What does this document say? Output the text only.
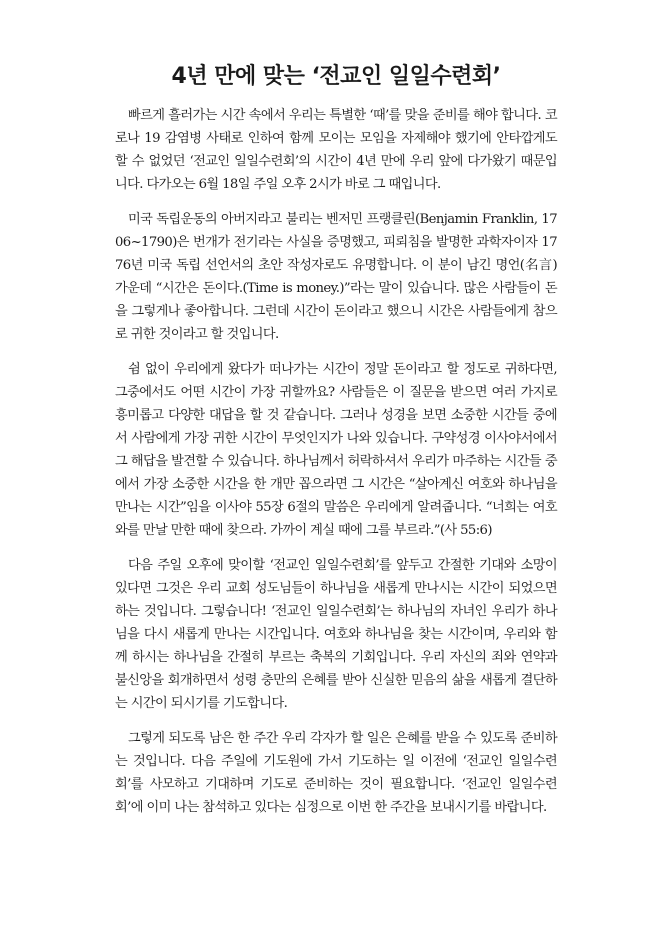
4년 만에 맞는 ‘전교인 일일수련회’

빠르게 흘러가는 시간 속에서 우리는 특별한 ‘때’를 맞을 준비를 해야 합니다. 코로나 19 감염병 사태로 인하여 함께 모이는 모임을 자제해야 했기에 안타깝게도 할 수 없었던 ‘전교인 일일수련회’의 시간이 4년 만에 우리 앞에 다가왔기 때문입니다. 다가오는 6월 18일 주일 오후 2시가 바로 그 때입니다.

미국 독립운동의 아버지라고 불리는 벤저민 프랭클린(Benjamin Franklin, 1706~1790)은 번개가 전기라는 사실을 증명했고, 피뢰침을 발명한 과학자이자 1776년 미국 독립 선언서의 초안 작성자로도 유명합니다. 이 분이 남긴 명언(名言) 가운데 “시간은 돈이다.(Time is money.)”라는 말이 있습니다. 많은 사람들이 돈을 그렇게나 좋아합니다. 그런데 시간이 돈이라고 했으니 시간은 사람들에게 참으로 귀한 것이라고 할 것입니다.

쉼 없이 우리에게 왔다가 떠나가는 시간이 정말 돈이라고 할 정도로 귀하다면, 그중에서도 어떤 시간이 가장 귀할까요? 사람들은 이 질문을 받으면 여러 가지로 흥미롭고 다양한 대답을 할 것 같습니다. 그러나 성경을 보면 소중한 시간들 중에서 사람에게 가장 귀한 시간이 무엇인지가 나와 있습니다. 구약성경 이사야서에서 그 해답을 발견할 수 있습니다. 하나님께서 허락하셔서 우리가 마주하는 시간들 중에서 가장 소중한 시간을 한 개만 꼽으라면 그 시간은 “살아계신 여호와 하나님을 만나는 시간”임을 이사야 55장 6절의 말씀은 우리에게 알려줍니다. “너희는 여호와를 만날 만한 때에 찾으라. 가까이 계실 때에 그를 부르라.”(사 55:6)

다음 주일 오후에 맞이할 ‘전교인 일일수련회’를 앞두고 간절한 기대와 소망이 있다면 그것은 우리 교회 성도님들이 하나님을 새롭게 만나시는 시간이 되었으면 하는 것입니다. 그렇습니다! ‘전교인 일일수련회’는 하나님의 자녀인 우리가 하나님을 다시 새롭게 만나는 시간입니다. 여호와 하나님을 찾는 시간이며, 우리와 함께 하시는 하나님을 간절히 부르는 축복의 기회입니다. 우리 자신의 죄와 연약과 불신앙을 회개하면서 성령 충만의 은혜를 받아 신실한 믿음의 삶을 새롭게 결단하는 시간이 되시기를 기도합니다.

그렇게 되도록 남은 한 주간 우리 각자가 할 일은 은혜를 받을 수 있도록 준비하는 것입니다. 다음 주일에 기도원에 가서 기도하는 일 이전에 ‘전교인 일일수련회’를 사모하고 기대하며 기도로 준비하는 것이 필요합니다. ‘전교인 일일수련회’에 이미 나는 참석하고 있다는 심정으로 이번 한 주간을 보내시기를 바랍니다.
